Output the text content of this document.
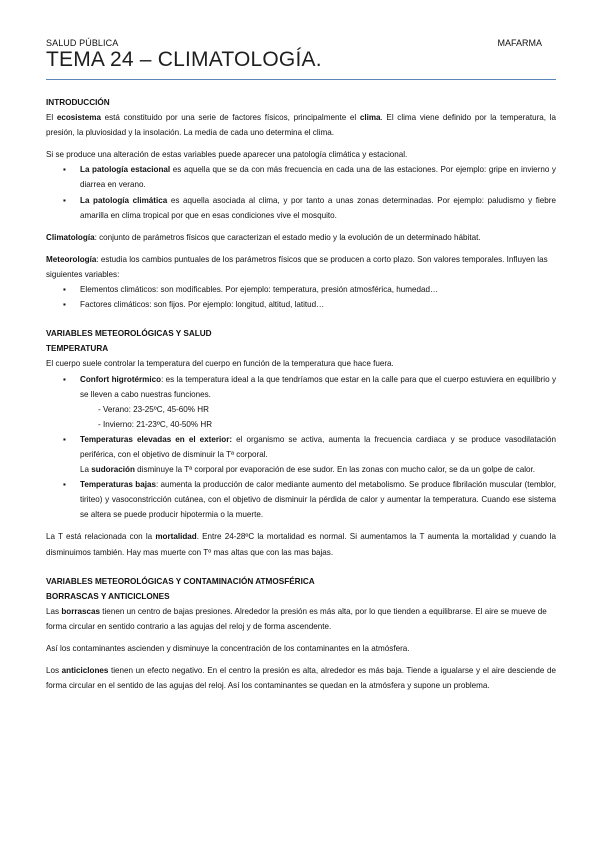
SALUD PÚBLICA	MAFARMA
TEMA 24 – CLIMATOLOGÍA.

INTRODUCCIÓN

El ecosistema está constituido por una serie de factores físicos, principalmente el clima. El clima viene definido por la temperatura, la presión, la pluviosidad y la insolación. La media de cada uno determina el clima.

Si se produce una alteración de estas variables puede aparecer una patología climática y estacional.

▪ La patología estacional es aquella que se da con más frecuencia en cada una de las estaciones. Por ejemplo: gripe en invierno y diarrea en verano.
▪ La patología climática es aquella asociada al clima, y por tanto a unas zonas determinadas. Por ejemplo: paludismo y fiebre amarilla en clima tropical por que en esas condiciones vive el mosquito.

Climatología: conjunto de parámetros físicos que caracterizan el estado medio y la evolución de un determinado hábitat.

Meteorología: estudia los cambios puntuales de los parámetros físicos que se producen a corto plazo. Son valores temporales. Influyen las siguientes variables:

▪ Elementos climáticos: son modificables. Por ejemplo: temperatura, presión atmosférica, humedad…
▪ Factores climáticos: son fijos. Por ejemplo: longitud, altitud, latitud…

VARIABLES METEOROLÓGICAS Y SALUD

TEMPERATURA

El cuerpo suele controlar la temperatura del cuerpo en función de la temperatura que hace fuera.

▪ Confort higrotérmico: es la temperatura ideal a la que tendríamos que estar en la calle para que el cuerpo estuviera en equilibrio y se lleven a cabo nuestras funciones.
- Verano: 23-25ºC, 45-60% HR
- Invierno: 21-23ºC, 40-50% HR
▪ Temperaturas elevadas en el exterior: el organismo se activa, aumenta la frecuencia cardiaca y se produce vasodilatación periférica, con el objetivo de disminuir la Tª corporal.

La sudoración disminuye la Tª corporal por evaporación de ese sudor. En las zonas con mucho calor, se da un golpe de calor.

▪ Temperaturas bajas: aumenta la producción de calor mediante aumento del metabolismo. Se produce fibrilación muscular (temblor, tiriteo) y vasoconstricción cutánea, con el objetivo de disminuir la pérdida de calor y aumentar la temperatura. Cuando ese sistema se altera se puede producir hipotermia o la muerte.

La T está relacionada con la mortalidad. Entre 24-28ºC la mortalidad es normal. Si aumentamos la T aumenta la mortalidad y cuando la disminuimos también. Hay mas muerte con Tº mas altas que con las mas bajas.

VARIABLES METEOROLÓGICAS Y CONTAMINACIÓN ATMOSFÉRICA

BORRASCAS Y ANTICICLONES

Las borrascas tienen un centro de bajas presiones. Alrededor la presión es más alta, por lo que tienden a equilibrarse. El aire se mueve de forma circular en sentido contrario a las agujas del reloj y de forma ascendente.

Así los contaminantes ascienden y disminuye la concentración de los contaminantes en la atmósfera.

Los anticiclones tienen un efecto negativo. En el centro la presión es alta, alrededor es más baja. Tiende a igualarse y el aire desciende de forma circular en el sentido de las agujas del reloj. Así los contaminantes se quedan en la atmósfera y supone un problema.
